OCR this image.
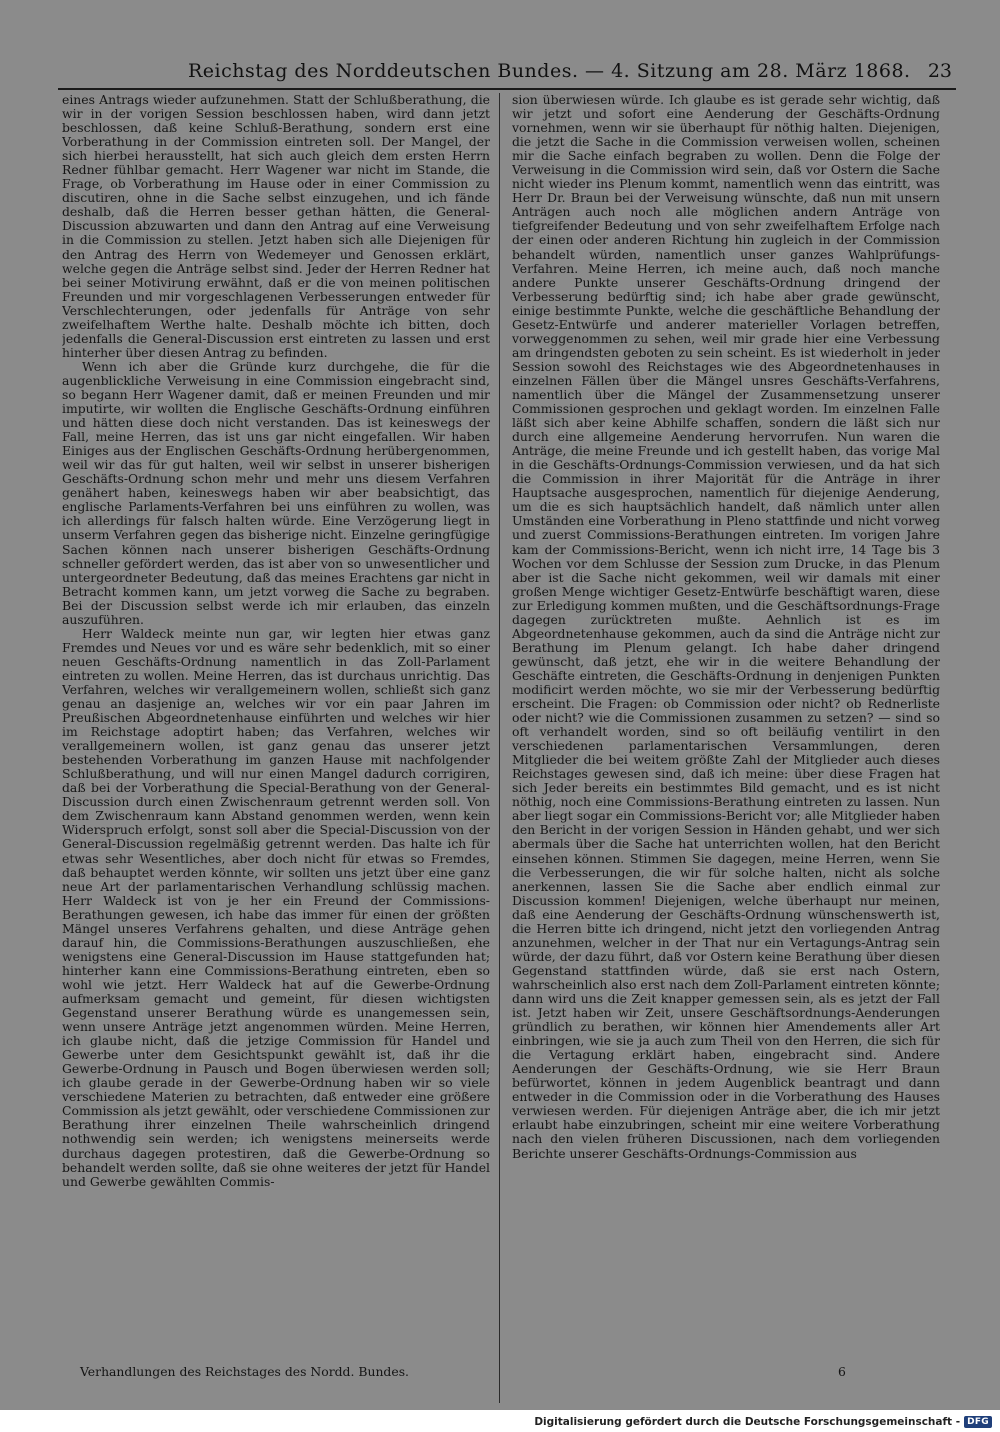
Reichstag des Norddeutschen Bundes. — 4. Sitzung am 28. März 1868. 23

eines Antrags wieder aufzunehmen. Statt der Schlußberathung, die wir in der vorigen Session beschlossen haben, wird dann jetzt beschlossen, daß keine Schluß-Berathung, sondern erst eine Vorberathung in der Commission eintreten soll. Der Mangel, der sich hierbei herausstellt, hat sich auch gleich dem ersten Herrn Redner fühlbar gemacht. Herr Wagener war nicht im Stande, die Frage, ob Vorberathung im Hause oder in einer Commission zu discutiren, ohne in die Sache selbst einzugehen, und ich fände deshalb, daß die Herren besser gethan hätten, die General-Discussion abzuwarten und dann den Antrag auf eine Verweisung in die Commission zu stellen. Jetzt haben sich alle Diejenigen für den Antrag des Herrn von Wedemeyer und Genossen erklärt, welche gegen die Anträge selbst sind. Jeder der Herren Redner hat bei seiner Motivirung erwähnt, daß er die von meinen politischen Freunden und mir vorgeschlagenen Verbesserungen entweder für Verschlechterungen, oder jedenfalls für Anträge von sehr zweifelhaftem Werthe halte. Deshalb möchte ich bitten, doch jedenfalls die General-Discussion erst eintreten zu lassen und erst hinterher über diesen Antrag zu befinden.

Wenn ich aber die Gründe kurz durchgehe, die für die augenblickliche Verweisung in eine Commission eingebracht sind, so begann Herr Wagener damit, daß er meinen Freunden und mir imputirte, wir wollten die Englische Geschäfts-Ordnung einführen und hätten diese doch nicht verstanden. Das ist keineswegs der Fall, meine Herren, das ist uns gar nicht eingefallen. Wir haben Einiges aus der Englischen Geschäfts-Ordnung herübergenommen, weil wir das für gut halten, weil wir selbst in unserer bisherigen Geschäfts-Ordnung schon mehr und mehr uns diesem Verfahren genähert haben, keineswegs haben wir aber beabsichtigt, das englische Parlaments-Verfahren bei uns einführen zu wollen, was ich allerdings für falsch halten würde. Eine Verzögerung liegt in unserm Verfahren gegen das bisherige nicht. Einzelne geringfügige Sachen können nach unserer bisherigen Geschäfts-Ordnung schneller gefördert werden, das ist aber von so unwesentlicher und untergeordneter Bedeutung, daß das meines Erachtens gar nicht in Betracht kommen kann, um jetzt vorweg die Sache zu begraben. Bei der Discussion selbst werde ich mir erlauben, das einzeln auszuführen.

Herr Waldeck meinte nun gar, wir legten hier etwas ganz Fremdes und Neues vor und es wäre sehr bedenklich, mit so einer neuen Geschäfts-Ordnung namentlich in das Zoll-Parlament eintreten zu wollen. Meine Herren, das ist durchaus unrichtig. Das Verfahren, welches wir verallgemeinern wollen, schließt sich ganz genau an dasjenige an, welches wir vor ein paar Jahren im Preußischen Abgeordnetenhause einführten und welches wir hier im Reichstage adoptirt haben; das Verfahren, welches wir verallgemeinern wollen, ist ganz genau das unserer jetzt bestehenden Vorberathung im ganzen Hause mit nachfolgender Schlußberathung, und will nur einen Mangel dadurch corrigiren, daß bei der Vorberathung die Special-Berathung von der General-Discussion durch einen Zwischenraum getrennt werden soll. Von dem Zwischenraum kann Abstand genommen werden, wenn kein Widerspruch erfolgt, sonst soll aber die Special-Discussion von der General-Discussion regelmäßig getrennt werden. Das halte ich für etwas sehr Wesentliches, aber doch nicht für etwas so Fremdes, daß behauptet werden könnte, wir sollten uns jetzt über eine ganz neue Art der parlamentarischen Verhandlung schlüssig machen. Herr Waldeck ist von je her ein Freund der Commissions-Berathungen gewesen, ich habe das immer für einen der größten Mängel unseres Verfahrens gehalten, und diese Anträge gehen darauf hin, die Commissions-Berathungen auszuschließen, ehe wenigstens eine General-Discussion im Hause stattgefunden hat; hinterher kann eine Commissions-Berathung eintreten, eben so wohl wie jetzt. Herr Waldeck hat auf die Gewerbe-Ordnung aufmerksam gemacht und gemeint, für diesen wichtigsten Gegenstand unserer Berathung würde es unangemessen sein, wenn unsere Anträge jetzt angenommen würden. Meine Herren, ich glaube nicht, daß die jetzige Commission für Handel und Gewerbe unter dem Gesichtspunkt gewählt ist, daß ihr die Gewerbe-Ordnung in Pausch und Bogen überwiesen werden soll; ich glaube gerade in der Gewerbe-Ordnung haben wir so viele verschiedene Materien zu betrachten, daß entweder eine größere Commission als jetzt gewählt, oder verschiedene Commissionen zur Berathung ihrer einzelnen Theile wahrscheinlich dringend nothwendig sein werden; ich wenigstens meinerseits werde durchaus dagegen protestiren, daß die Gewerbe-Ordnung so behandelt werden sollte, daß sie ohne weiteres der jetzt für Handel und Gewerbe gewählten Commis-

sion überwiesen würde. Ich glaube es ist gerade sehr wichtig, daß wir jetzt und sofort eine Aenderung der Geschäfts-Ordnung vornehmen, wenn wir sie überhaupt für nöthig halten. Diejenigen, die jetzt die Sache in die Commission verweisen wollen, scheinen mir die Sache einfach begraben zu wollen. Denn die Folge der Verweisung in die Commission wird sein, daß vor Ostern die Sache nicht wieder ins Plenum kommt, namentlich wenn das eintritt, was Herr Dr. Braun bei der Verweisung wünschte, daß nun mit unsern Anträgen auch noch alle möglichen andern Anträge von tiefgreifender Bedeutung und von sehr zweifelhaftem Erfolge nach der einen oder anderen Richtung hin zugleich in der Commission behandelt würden, namentlich unser ganzes Wahlprüfungs-Verfahren. Meine Herren, ich meine auch, daß noch manche andere Punkte unserer Geschäfts-Ordnung dringend der Verbesserung bedürftig sind; ich habe aber grade gewünscht, einige bestimmte Punkte, welche die geschäftliche Behandlung der Gesetz-Entwürfe und anderer materieller Vorlagen betreffen, vorweggenommen zu sehen, weil mir grade hier eine Verbessung am dringendsten geboten zu sein scheint. Es ist wiederholt in jeder Session sowohl des Reichstages wie des Abgeordnetenhauses in einzelnen Fällen über die Mängel unsres Geschäfts-Verfahrens, namentlich über die Mängel der Zusammensetzung unserer Commissionen gesprochen und geklagt worden. Im einzelnen Falle läßt sich aber keine Abhilfe schaffen, sondern die läßt sich nur durch eine allgemeine Aenderung hervorrufen. Nun waren die Anträge, die meine Freunde und ich gestellt haben, das vorige Mal in die Geschäfts-Ordnungs-Commission verwiesen, und da hat sich die Commission in ihrer Majorität für die Anträge in ihrer Hauptsache ausgesprochen, namentlich für diejenige Aenderung, um die es sich hauptsächlich handelt, daß nämlich unter allen Umständen eine Vorberathung in Pleno stattfinde und nicht vorweg und zuerst Commissions-Berathungen eintreten. Im vorigen Jahre kam der Commissions-Bericht, wenn ich nicht irre, 14 Tage bis 3 Wochen vor dem Schlusse der Session zum Drucke, in das Plenum aber ist die Sache nicht gekommen, weil wir damals mit einer großen Menge wichtiger Gesetz-Entwürfe beschäftigt waren, diese zur Erledigung kommen mußten, und die Geschäftsordnungs-Frage dagegen zurücktreten mußte. Aehnlich ist es im Abgeordnetenhause gekommen, auch da sind die Anträge nicht zur Berathung im Plenum gelangt. Ich habe daher dringend gewünscht, daß jetzt, ehe wir in die weitere Behandlung der Geschäfte eintreten, die Geschäfts-Ordnung in denjenigen Punkten modificirt werden möchte, wo sie mir der Verbesserung bedürftig erscheint. Die Fragen: ob Commission oder nicht? ob Rednerliste oder nicht? wie die Commissionen zusammen zu setzen? — sind so oft verhandelt worden, sind so oft beiläufig ventilirt in den verschiedenen parlamentarischen Versammlungen, deren Mitglieder die bei weitem größte Zahl der Mitglieder auch dieses Reichstages gewesen sind, daß ich meine: über diese Fragen hat sich Jeder bereits ein bestimmtes Bild gemacht, und es ist nicht nöthig, noch eine Commissions-Berathung eintreten zu lassen. Nun aber liegt sogar ein Commissions-Bericht vor; alle Mitglieder haben den Bericht in der vorigen Session in Händen gehabt, und wer sich abermals über die Sache hat unterrichten wollen, hat den Bericht einsehen können. Stimmen Sie dagegen, meine Herren, wenn Sie die Verbesserungen, die wir für solche halten, nicht als solche anerkennen, lassen Sie die Sache aber endlich einmal zur Discussion kommen! Diejenigen, welche überhaupt nur meinen, daß eine Aenderung der Geschäfts-Ordnung wünschenswerth ist, die Herren bitte ich dringend, nicht jetzt den vorliegenden Antrag anzunehmen, welcher in der That nur ein Vertagungs-Antrag sein würde, der dazu führt, daß vor Ostern keine Berathung über diesen Gegenstand stattfinden würde, daß sie erst nach Ostern, wahrscheinlich also erst nach dem Zoll-Parlament eintreten könnte; dann wird uns die Zeit knapper gemessen sein, als es jetzt der Fall ist. Jetzt haben wir Zeit, unsere Geschäftsordnungs-Aenderungen gründlich zu berathen, wir können hier Amendements aller Art einbringen, wie sie ja auch zum Theil von den Herren, die sich für die Vertagung erklärt haben, eingebracht sind. Andere Aenderungen der Geschäfts-Ordnung, wie sie Herr Braun befürwortet, können in jedem Augenblick beantragt und dann entweder in die Commission oder in die Vorberathung des Hauses verwiesen werden. Für diejenigen Anträge aber, die ich mir jetzt erlaubt habe einzubringen, scheint mir eine weitere Vorberathung nach den vielen früheren Discussionen, nach dem vorliegenden Berichte unserer Geschäfts-Ordnungs-Commission aus

Verhandlungen des Reichstages des Nordd. Bundes.	6
Digitalisierung gefördert durch die Deutsche Forschungsgemeinschaft - DFG
